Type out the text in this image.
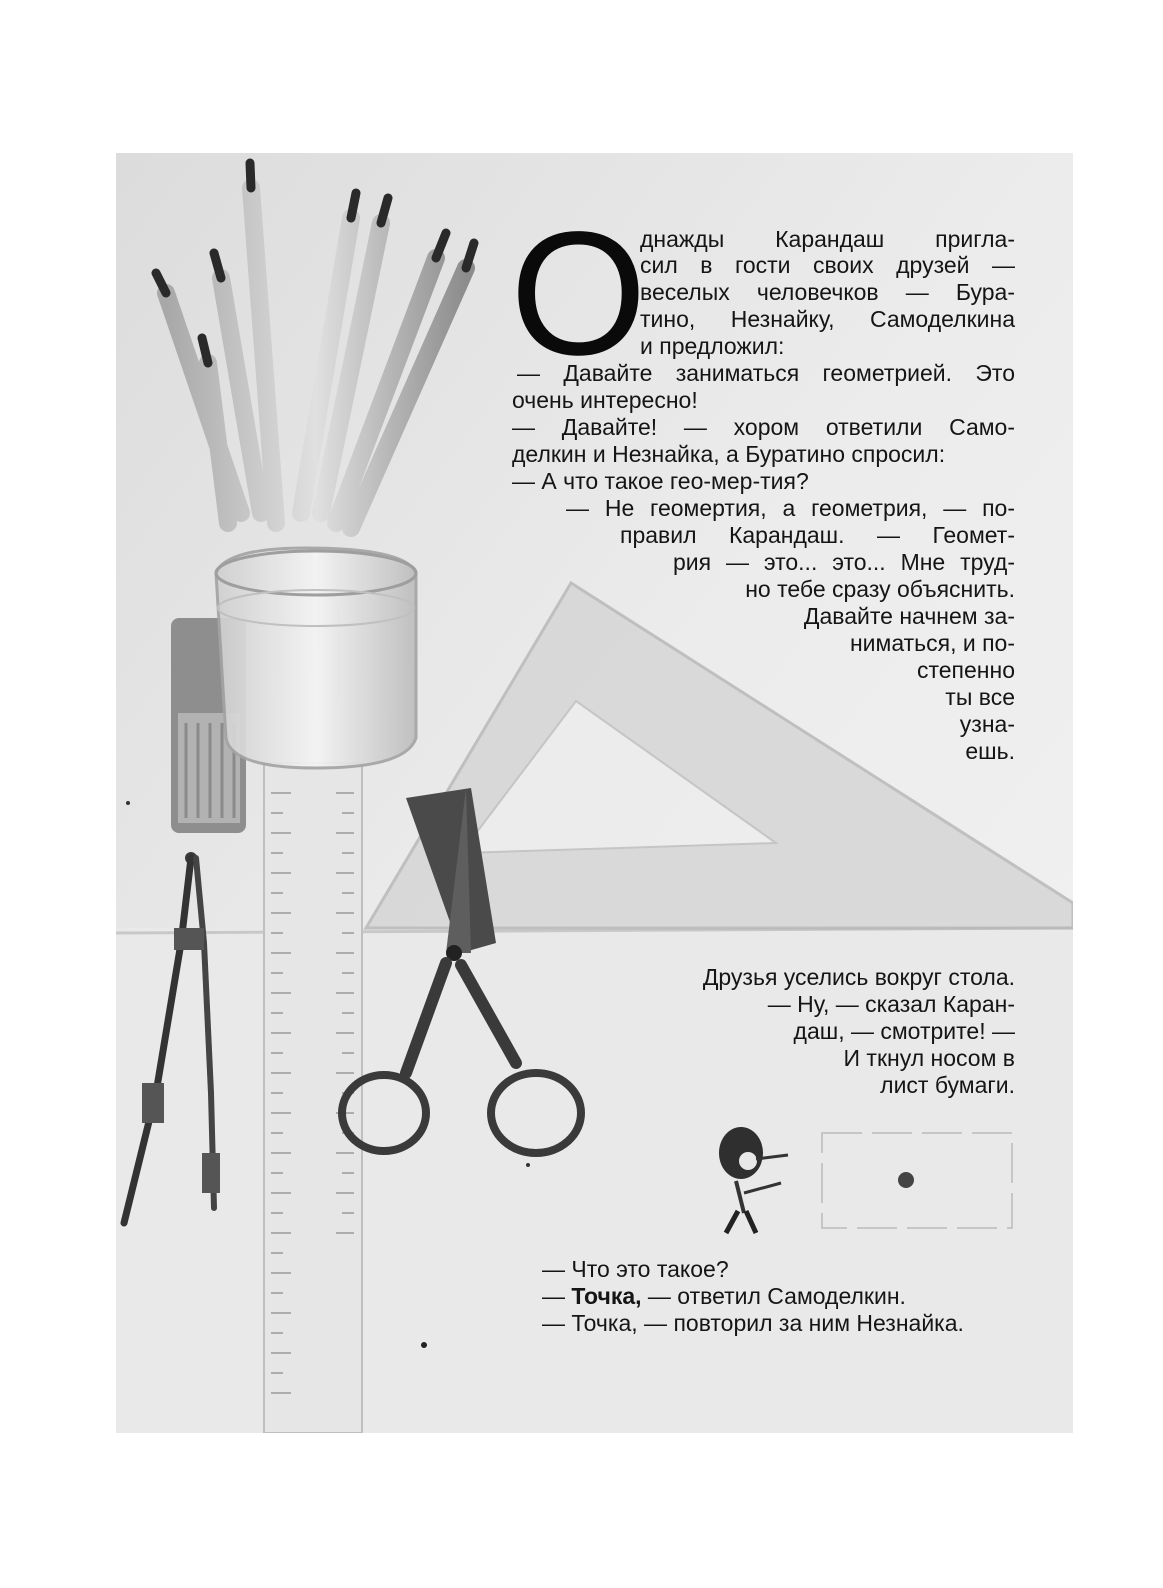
О днажды Карандаш пригла-
сил в гости своих друзей —
веселых человечков — Бура-
тино, Незнайку, Самоделкина
и предложил:
— Давайте заниматься геометрией. Это
очень интересно!
— Давайте! — хором ответили Само-
делкин и Незнайка, а Буратино спросил:
— А что такое гео-мер-тия?
— Не геомертия, а геометрия, — по-
правил Карандаш. — Геомет-
рия — это... это... Мне труд-
но тебе сразу объяснить.
Давайте начнем за-
ниматься, и по-
степенно
ты все
узна-
ешь.
Друзья уселись вокруг стола.
— Ну, — сказал Каран-
даш, — смотрите! —
И ткнул носом в
лист бумаги.
— Что это такое?
— Точка, — ответил Самоделкин.
— Точка, — повторил за ним Незнайка.
